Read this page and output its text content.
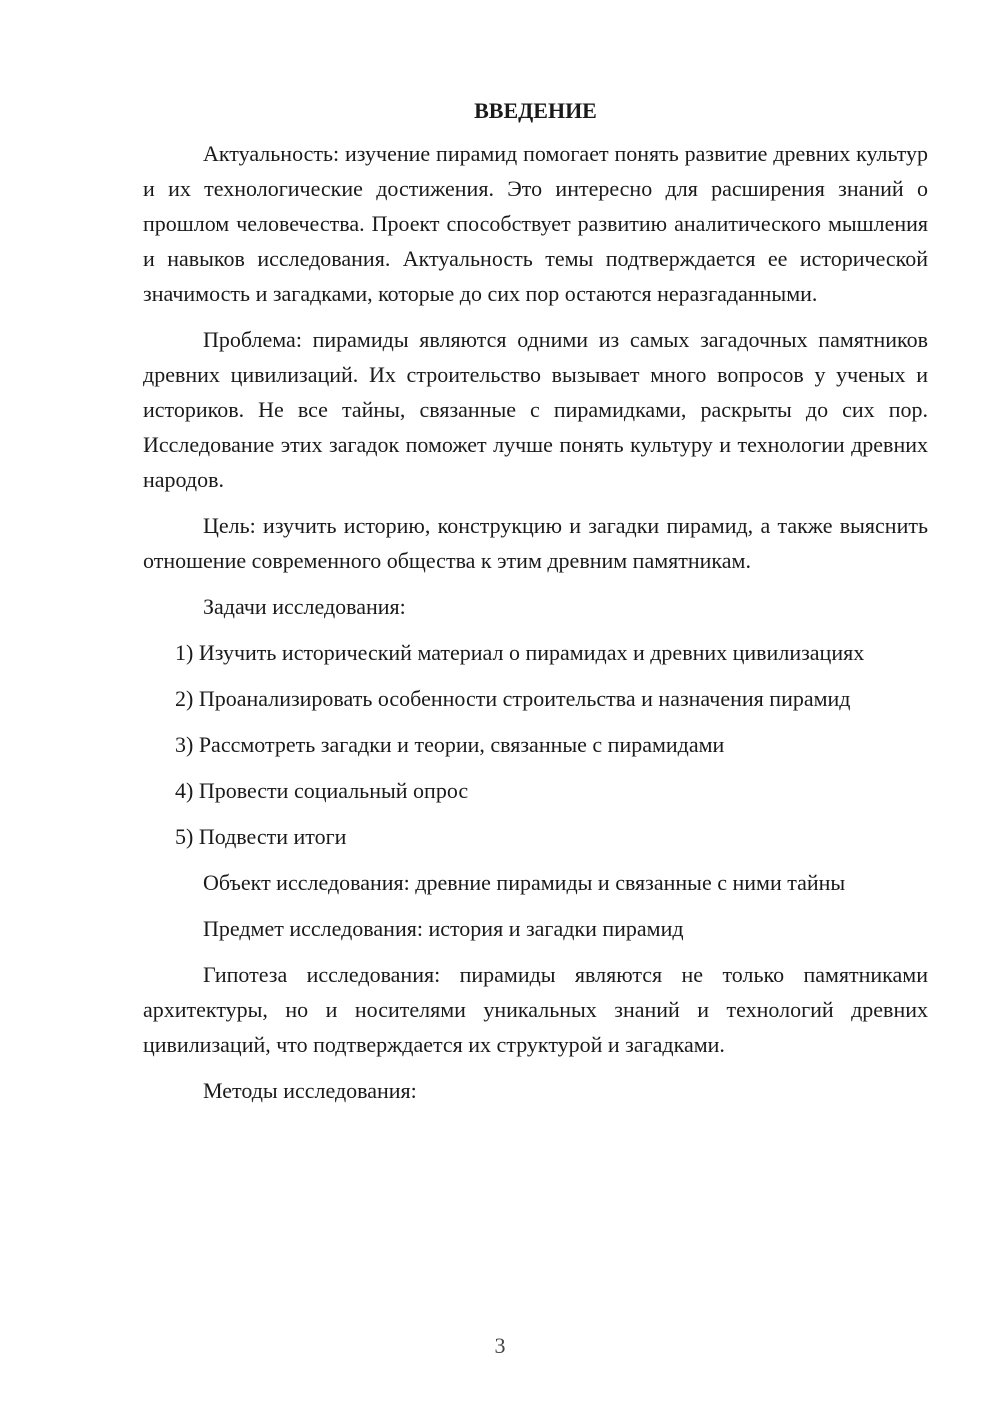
ВВЕДЕНИЕ

Актуальность: изучение пирамид помогает понять развитие древних культур и их технологические достижения. Это интересно для расширения знаний о прошлом человечества. Проект способствует развитию аналитического мышления и навыков исследования. Актуальность темы подтверждается ее исторической значимость и загадками, которые до сих пор остаются неразгаданными.

Проблема: пирамиды являются одними из самых загадочных памятников древних цивилизаций. Их строительство вызывает много вопросов у ученых и историков. Не все тайны, связанные с пирамидками, раскрыты до сих пор. Исследование этих загадок поможет лучше понять культуру и технологии древних народов.

Цель: изучить историю, конструкцию и загадки пирамид, а также выяснить отношение современного общества к этим древним памятникам.

Задачи исследования:

1) Изучить исторический материал о пирамидах и древних цивилизациях

2) Проанализировать особенности строительства и назначения пирамид

3) Рассмотреть загадки и теории, связанные с пирамидами

4) Провести социальный опрос

5) Подвести итоги

Объект исследования: древние пирамиды и связанные с ними тайны

Предмет исследования: история и загадки пирамид

Гипотеза исследования: пирамиды являются не только памятниками архитектуры, но и носителями уникальных знаний и технологий древних цивилизаций, что подтверждается их структурой и загадками.

Методы исследования:

3
